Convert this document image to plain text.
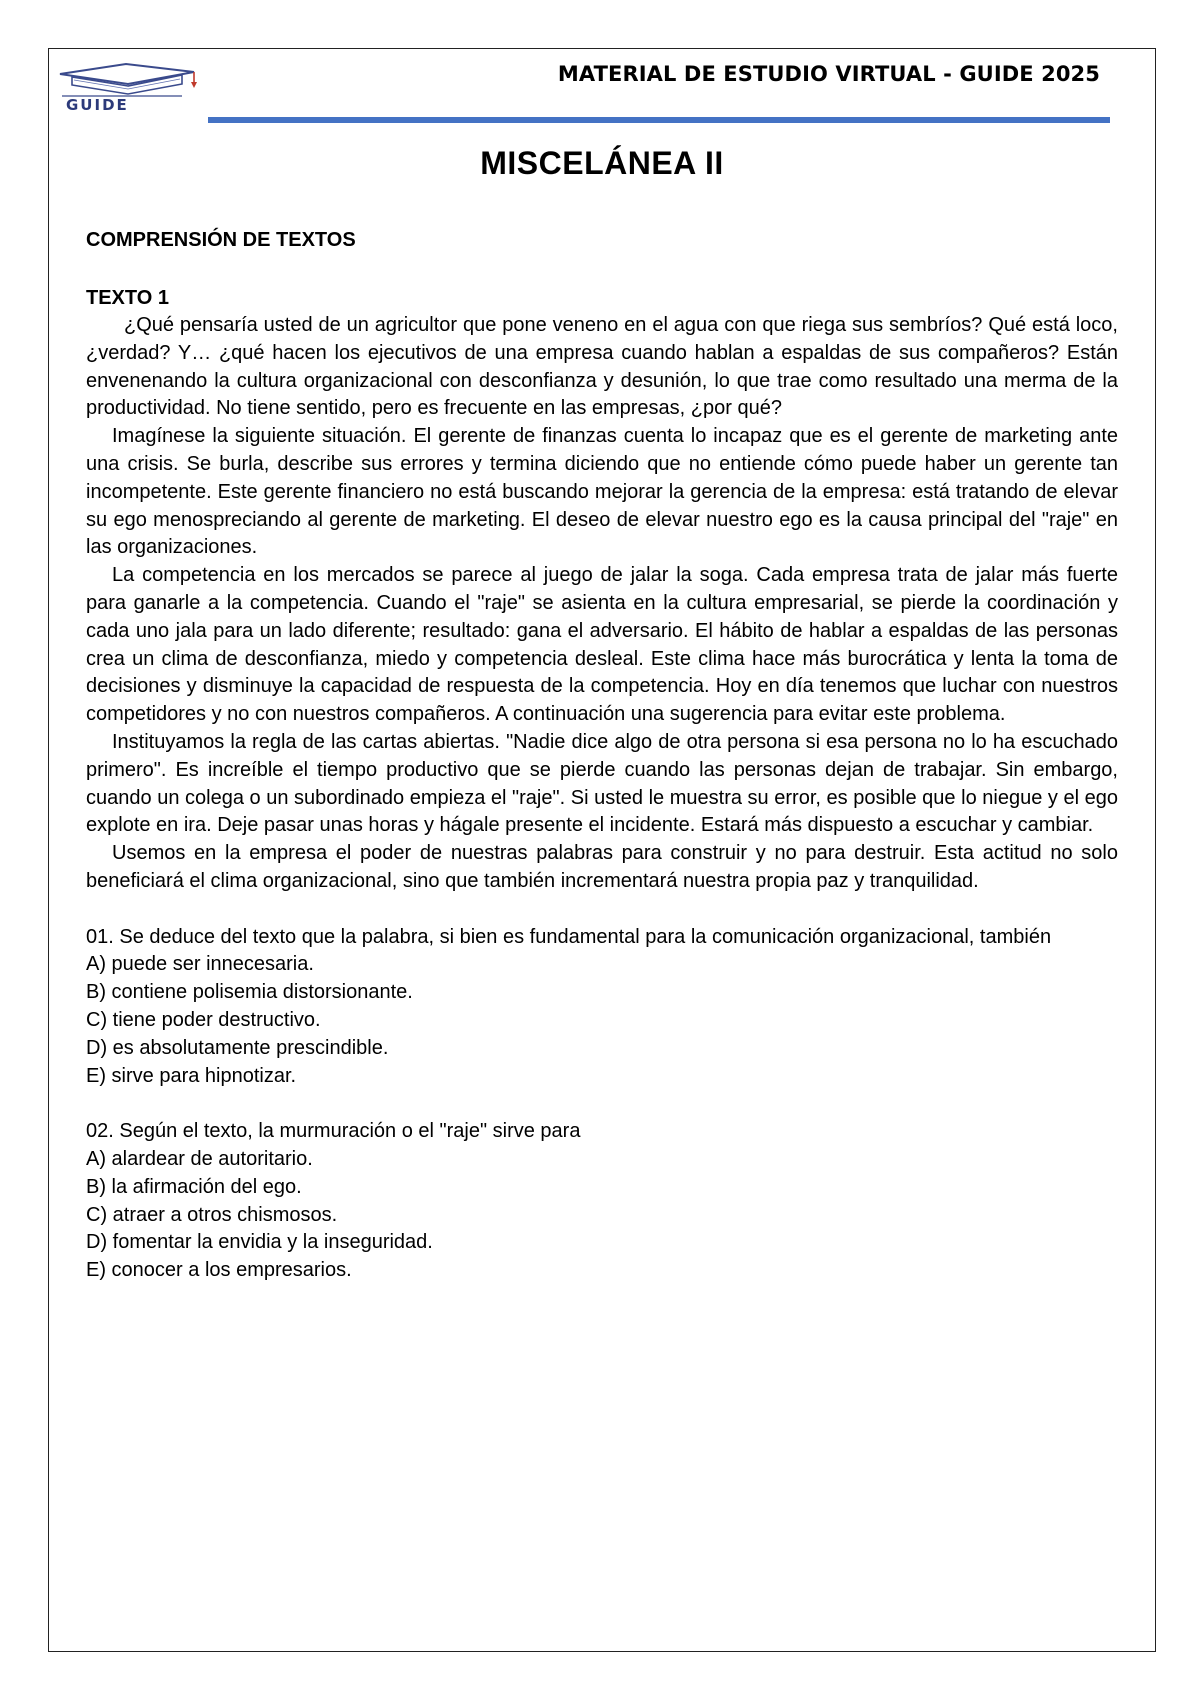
GUIDE
MATERIAL DE ESTUDIO VIRTUAL - GUIDE 2025
MISCELÁNEA II
COMPRENSIÓN DE TEXTOS
TEXTO 1

¿Qué pensaría usted de un agricultor que pone veneno en el agua con que riega sus sembríos? Qué está loco, ¿verdad? Y… ¿qué hacen los ejecutivos de una empresa cuando hablan a espaldas de sus compañeros? Están envenenando la cultura organizacional con desconfianza y desunión, lo que trae como resultado una merma de la productividad. No tiene sentido, pero es frecuente en las empresas, ¿por qué?

Imagínese la siguiente situación. El gerente de finanzas cuenta lo incapaz que es el gerente de marketing ante una crisis. Se burla, describe sus errores y termina diciendo que no entiende cómo puede haber un gerente tan incompetente. Este gerente financiero no está buscando mejorar la gerencia de la empresa: está tratando de elevar su ego menospreciando al gerente de marketing. El deseo de elevar nuestro ego es la causa principal del "raje" en las organizaciones.

La competencia en los mercados se parece al juego de jalar la soga. Cada empresa trata de jalar más fuerte para ganarle a la competencia. Cuando el "raje" se asienta en la cultura empresarial, se pierde la coordinación y cada uno jala para un lado diferente; resultado: gana el adversario. El hábito de hablar a espaldas de las personas crea un clima de desconfianza, miedo y competencia desleal. Este clima hace más burocrática y lenta la toma de decisiones y disminuye la capacidad de respuesta de la competencia. Hoy en día tenemos que luchar con nuestros competidores y no con nuestros compañeros. A continuación una sugerencia para evitar este problema.

Instituyamos la regla de las cartas abiertas. "Nadie dice algo de otra persona si esa persona no lo ha escuchado primero". Es increíble el tiempo productivo que se pierde cuando las personas dejan de trabajar. Sin embargo, cuando un colega o un subordinado empieza el "raje". Si usted le muestra su error, es posible que lo niegue y el ego explote en ira. Deje pasar unas horas y hágale presente el incidente. Estará más dispuesto a escuchar y cambiar.

Usemos en la empresa el poder de nuestras palabras para construir y no para destruir. Esta actitud no solo beneficiará el clima organizacional, sino que también incrementará nuestra propia paz y tranquilidad.

01. Se deduce del texto que la palabra, si bien es fundamental para la comunicación organizacional, también

A) puede ser innecesaria.

B) contiene polisemia distorsionante.

C) tiene poder destructivo.

D) es absolutamente prescindible.

E) sirve para hipnotizar.

02. Según el texto, la murmuración o el "raje" sirve para

A) alardear de autoritario.

B) la afirmación del ego.

C) atraer a otros chismosos.

D) fomentar la envidia y la inseguridad.

E) conocer a los empresarios.
